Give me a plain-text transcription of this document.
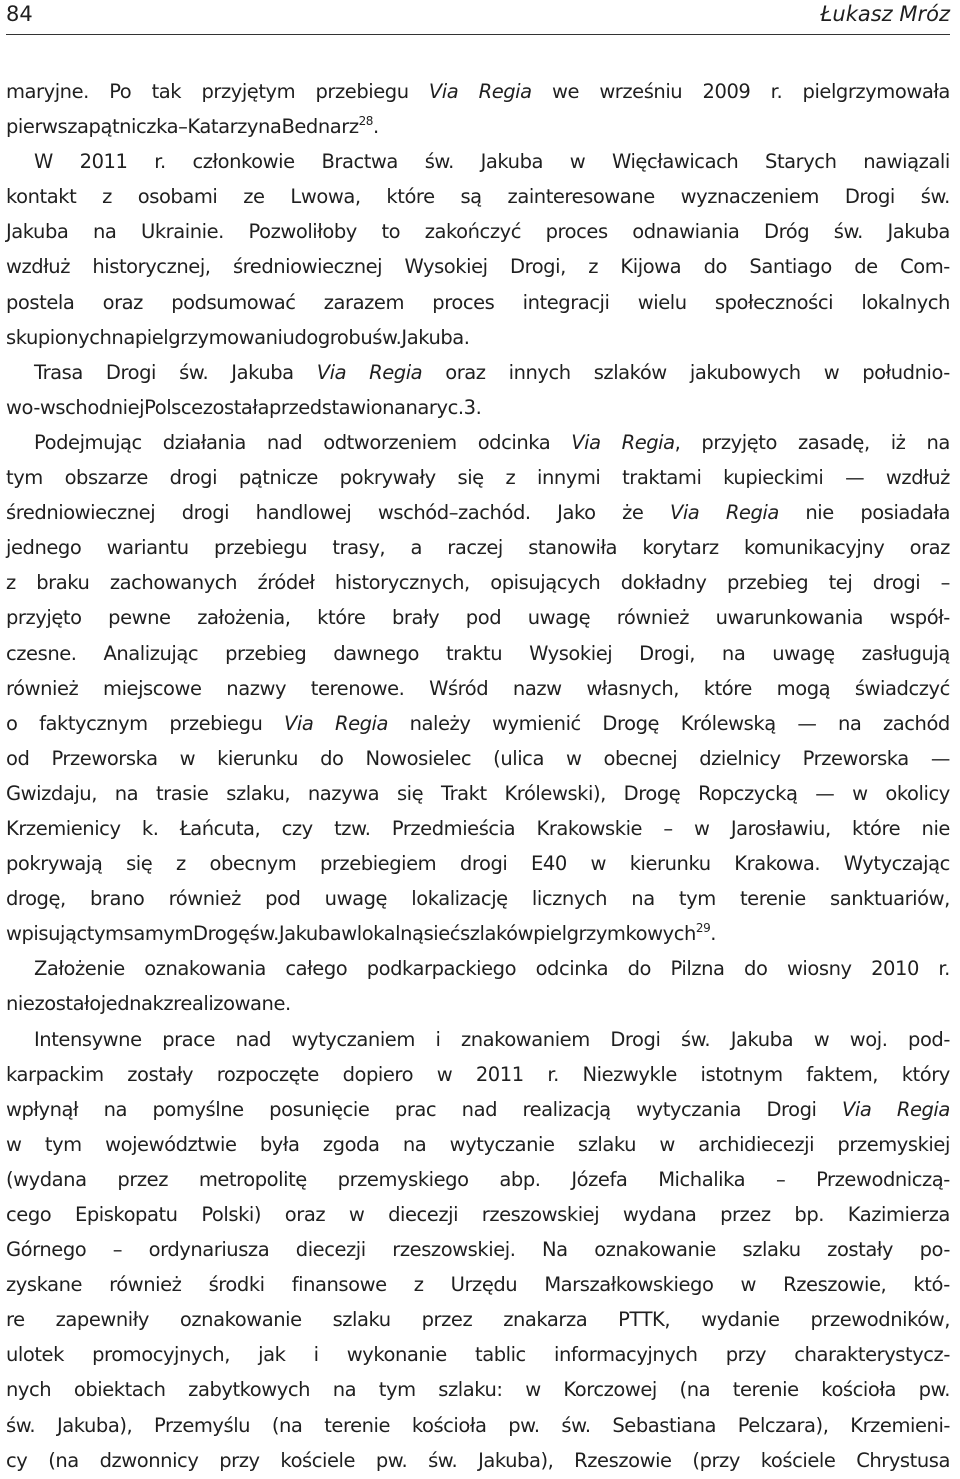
84	Łukasz Mróz
maryjne. Po tak przyjętym przebiegu Via Regia we wrześniu 2009 r. pielgrzymowała
pierwsza pątniczka – Katarzyna Bednarz$^{28}$.
W 2011 r. członkowie Bractwa św. Jakuba w Więcławicach Starych nawiązali
kontakt z osobami ze Lwowa, które są zainteresowane wyznaczeniem Drogi św.
Jakuba na Ukrainie. Pozwoliłoby to zakończyć proces odnawiania Dróg św. Jakuba
wzdłuż historycznej, średniowiecznej Wysokiej Drogi, z Kijowa do Santiago de Com-
postela oraz podsumować zarazem proces integracji wielu społeczności lokalnych
skupionych na pielgrzymowaniu do grobu św. Jakuba.
Trasa Drogi św. Jakuba Via Regia oraz innych szlaków jakubowych w południo-
wo-wschodniej Polsce została przedstawiona na ryc. 3.
Podejmując działania nad odtworzeniem odcinka Via Regia, przyjęto zasadę, iż na
tym obszarze drogi pątnicze pokrywały się z innymi traktami kupieckimi — wzdłuż
średniowiecznej drogi handlowej wschód–zachód. Jako że Via Regia nie posiadała
jednego wariantu przebiegu trasy, a raczej stanowiła korytarz komunikacyjny oraz
z braku zachowanych źródeł historycznych, opisujących dokładny przebieg tej drogi –
przyjęto pewne założenia, które brały pod uwagę również uwarunkowania współ-
czesne. Analizując przebieg dawnego traktu Wysokiej Drogi, na uwagę zasługują
również miejscowe nazwy terenowe. Wśród nazw własnych, które mogą świadczyć
o faktycznym przebiegu Via Regia należy wymienić Drogę Królewską — na zachód
od Przeworska w kierunku do Nowosielec (ulica w obecnej dzielnicy Przeworska —
Gwizdaju, na trasie szlaku, nazywa się Trakt Królewski), Drogę Ropczycką — w okolicy
Krzemienicy k. Łańcuta, czy tzw. Przedmieścia Krakowskie – w Jarosławiu, które nie
pokrywają się z obecnym przebiegiem drogi E40 w kierunku Krakowa. Wytyczając
drogę, brano również pod uwagę lokalizację licznych na tym terenie sanktuariów,
wpisując tym samym Drogę św. Jakuba w lokalną sieć szlaków pielgrzymkowych$^{29}$.
Założenie oznakowania całego podkarpackiego odcinka do Pilzna do wiosny 2010 r.
nie zostało jednak zrealizowane.
Intensywne prace nad wytyczaniem i znakowaniem Drogi św. Jakuba w woj. pod-
karpackim zostały rozpoczęte dopiero w 2011 r. Niezwykle istotnym faktem, który
wpłynął na pomyślne posunięcie prac nad realizacją wytyczania Drogi Via Regia
w tym województwie była zgoda na wytyczanie szlaku w archidiecezji przemyskiej
(wydana przez metropolitę przemyskiego abp. Józefa Michalika – Przewodniczą-
cego Episkopatu Polski) oraz w diecezji rzeszowskiej wydana przez bp. Kazimierza
Górnego – ordynariusza diecezji rzeszowskiej. Na oznakowanie szlaku zostały po-
zyskane również środki finansowe z Urzędu Marszałkowskiego w Rzeszowie, któ-
re zapewniły oznakowanie szlaku przez znakarza PTTK, wydanie przewodników,
ulotek promocyjnych, jak i wykonanie tablic informacyjnych przy charakterystycz-
nych obiektach zabytkowych na tym szlaku: w Korczowej (na terenie kościoła pw.
św. Jakuba), Przemyślu (na terenie kościoła pw. św. Sebastiana Pelczara), Krzemieni-
cy (na dzwonnicy przy kościele pw. św. Jakuba), Rzeszowie (przy kościele Chrystusa
